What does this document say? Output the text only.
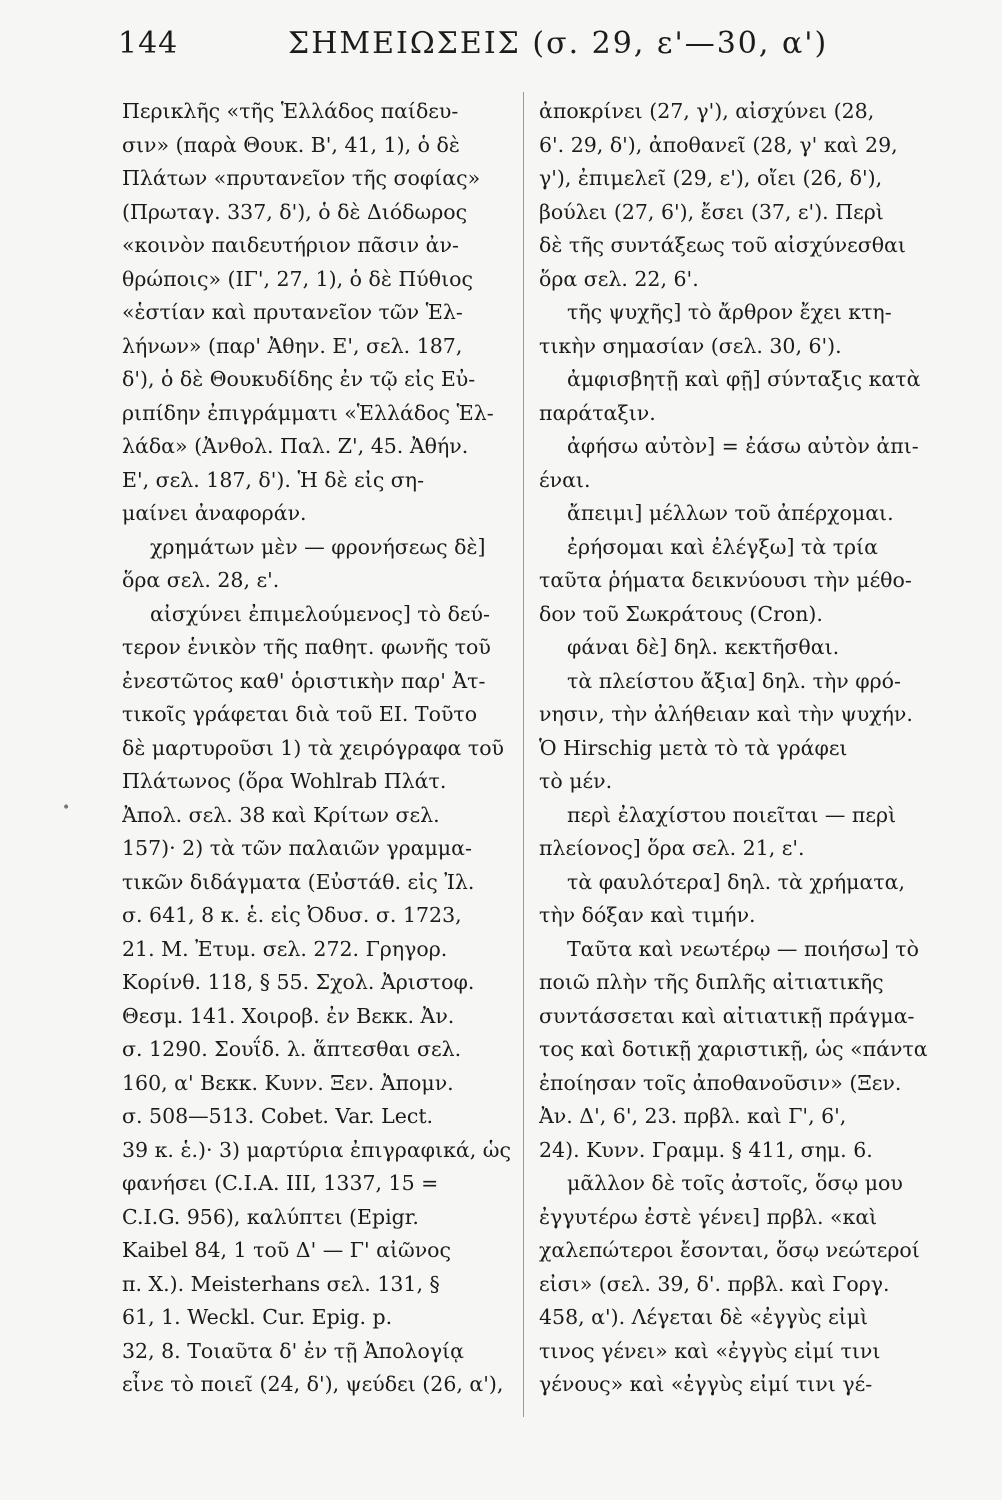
144	ΣΗΜΕΙΩΣΕΙΣ (σ. 29, ε'—30, α')
•
Περικλῆς «τῆς Ἑλλάδος παίδευ-
σιν» (παρὰ Θουκ. Β', 41, 1), ὁ δὲ
Πλάτων «πρυτανεῖον τῆς σοφίας»
(Πρωταγ. 337, δ'), ὁ δὲ Διόδωρος
«κοινὸν παιδευτήριον πᾶσιν ἀν-
θρώποις» (ΙΓ', 27, 1), ὁ δὲ Πύθιος
«ἑστίαν καὶ πρυτανεῖον τῶν Ἑλ-
λήνων» (παρ' Ἀθην. Ε', σελ. 187,
δ'), ὁ δὲ Θουκυδίδης ἐν τῷ εἰς Εὐ-
ριπίδην ἐπιγράμματι «Ἑλλάδος Ἑλ-
λάδα» (Ἀνθολ. Παλ. Ζ', 45. Ἀθήν.
Ε', σελ. 187, δ'). Ἡ δὲ εἰς ση-
μαίνει ἀναφοράν.
χρημάτων μὲν — φρονήσεως δὲ]
ὅρα σελ. 28, ε'.
αἰσχύνει ἐπιμελούμενος] τὸ δεύ-
τερον ἑνικὸν τῆς παθητ. φωνῆς τοῦ
ἐνεστῶτος καθ' ὁριστικὴν παρ' Ἀτ-
τικοῖς γράφεται διὰ τοῦ ΕΙ. Τοῦτο
δὲ μαρτυροῦσι 1) τὰ χειρόγραφα τοῦ
Πλάτωνος (ὅρα Wohlrab Πλάτ.
Ἀπολ. σελ. 38 καὶ Κρίτων σελ.
157)· 2) τὰ τῶν παλαιῶν γραμμα-
τικῶν διδάγματα (Εὐστάθ. εἰς Ἰλ.
σ. 641, 8 κ. ἑ. εἰς Ὀδυσ. σ. 1723,
21. Μ. Ἐτυμ. σελ. 272. Γρηγορ.
Κορίνθ. 118, § 55. Σχολ. Ἀριστοφ.
Θεσμ. 141. Χοιροβ. ἐν Βεκκ. Ἀν.
σ. 1290. Σουΐδ. λ. ἅπτεσθαι σελ.
160, α' Βεκκ. Κυνν. Ξεν. Ἀπομν.
σ. 508—513. Cobet. Var. Lect.
39 κ. ἑ.)· 3) μαρτύρια ἐπιγραφικά, ὡς
φανήσει (C.I.A. III, 1337, 15 =
C.I.G. 956), καλύπτει (Epigr.
Kaibel 84, 1 τοῦ Δ' — Γ' αἰῶνος
π. Χ.). Meisterhans σελ. 131, §
61, 1. Weckl. Cur. Epig. p.
32, 8. Τοιαῦτα δ' ἐν τῇ Ἀπολογίᾳ
εἶνε τὸ ποιεῖ (24, δ'), ψεύδει (26, α'),
ἀποκρίνει (27, γ'), αἰσχύνει (28,
6'. 29, δ'), ἀποθανεῖ (28, γ' καὶ 29,
γ'), ἐπιμελεῖ (29, ε'), οἴει (26, δ'),
βούλει (27, 6'), ἔσει (37, ε'). Περὶ
δὲ τῆς συντάξεως τοῦ αἰσχύνεσθαι
ὅρα σελ. 22, 6'.
τῆς ψυχῆς] τὸ ἄρθρον ἔχει κτη-
τικὴν σημασίαν (σελ. 30, 6').
ἀμφισβητῇ καὶ φῇ] σύνταξις κατὰ
παράταξιν.
ἀφήσω αὐτὸν] = ἐάσω αὐτὸν ἀπι-
έναι.
ἄπειμι] μέλλων τοῦ ἀπέρχομαι.
ἐρήσομαι καὶ ἐλέγξω] τὰ τρία
ταῦτα ῥήματα δεικνύουσι τὴν μέθο-
δον τοῦ Σωκράτους (Cron).
φάναι δὲ] δηλ. κεκτῆσθαι.
τὰ πλείστου ἄξια] δηλ. τὴν φρό-
νησιν, τὴν ἀλήθειαν καὶ τὴν ψυχήν.
Ὁ Hirschig μετὰ τὸ τὰ γράφει
τὸ μέν.
περὶ ἐλαχίστου ποιεῖται — περὶ
πλείονος] ὅρα σελ. 21, ε'.
τὰ φαυλότερα] δηλ. τὰ χρήματα,
τὴν δόξαν καὶ τιμήν.
Ταῦτα καὶ νεωτέρῳ — ποιήσω] τὸ
ποιῶ πλὴν τῆς διπλῆς αἰτιατικῆς
συντάσσεται καὶ αἰτιατικῇ πράγμα-
τος καὶ δοτικῇ χαριστικῇ, ὡς «πάντα
ἐποίησαν τοῖς ἀποθανοῦσιν» (Ξεν.
Ἀν. Δ', 6', 23. πρβλ. καὶ Γ', 6',
24). Κυνν. Γραμμ. § 411, σημ. 6.
μᾶλλον δὲ τοῖς ἀστοῖς, ὅσῳ μου
ἐγγυτέρω ἐστὲ γένει] πρβλ. «καὶ
χαλεπώτεροι ἔσονται, ὅσῳ νεώτεροί
εἰσι» (σελ. 39, δ'. πρβλ. καὶ Γοργ.
458, α'). Λέγεται δὲ «ἐγγὺς εἰμὶ
τινος γένει» καὶ «ἐγγὺς εἰμί τινι
γένους» καὶ «ἐγγὺς εἰμί τινι γέ-
